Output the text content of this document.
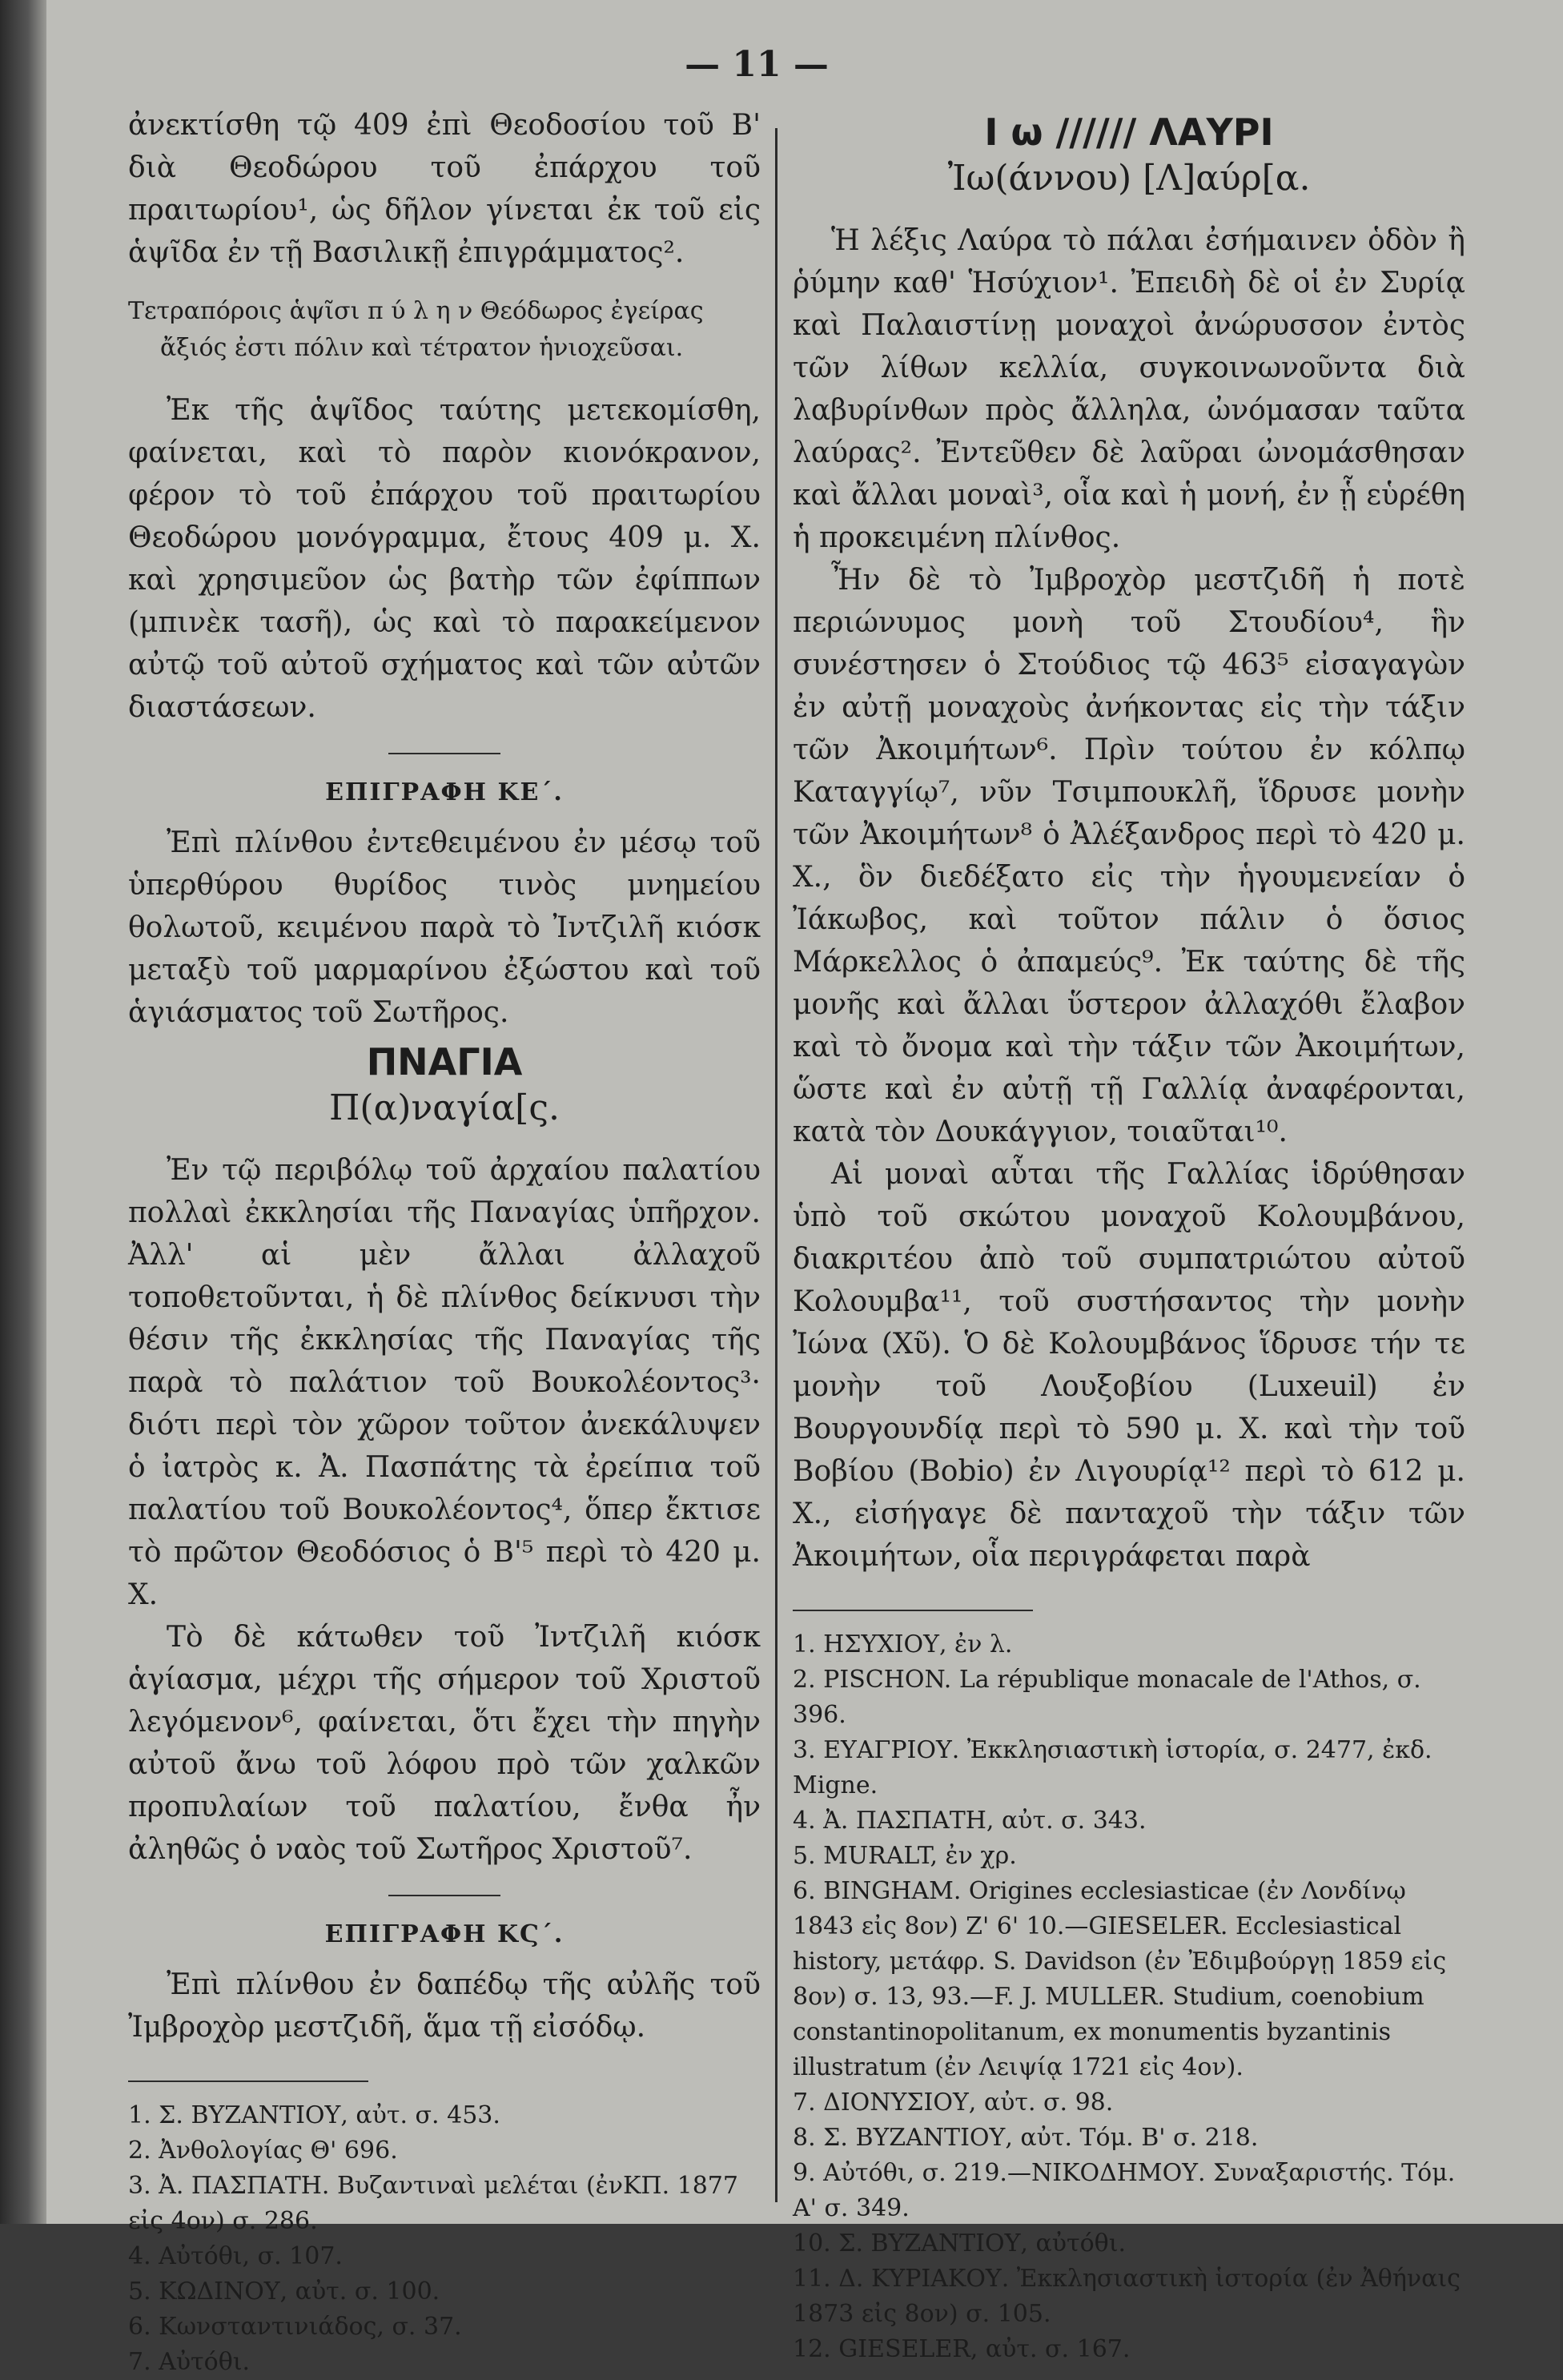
— 11 —

ἀνεκτίσθη τῷ 409 ἐπὶ Θεοδοσίου τοῦ Β' διὰ Θεοδώρου τοῦ ἐπάρχου τοῦ πραιτωρίου¹, ὡς δῆλον γίνεται ἐκ τοῦ εἰς ἁψῖδα ἐν τῇ Βασιλικῇ ἐπιγράμματος².

Τετραπόροις ἁψῖσι π ύ λ η ν Θεόδωρος ἐγείρας
ἄξιός ἐστι πόλιν καὶ τέτρατον ἡνιοχεῦσαι.

Ἐκ τῆς ἁψῖδος ταύτης μετεκομίσθη, φαίνεται, καὶ τὸ παρὸν κιονόκρανον, φέρον τὸ τοῦ ἐπάρχου τοῦ πραιτωρίου Θεοδώρου μονόγραμμα, ἔτους 409 μ. Χ. καὶ χρησιμεῦον ὡς βατὴρ τῶν ἐφίππων (μπινὲκ τασῆ), ὡς καὶ τὸ παρακείμενον αὐτῷ τοῦ αὐτοῦ σχήματος καὶ τῶν αὐτῶν διαστάσεων.

ΕΠΙΓΡΑΦΗ ΚΕ΄.

Ἐπὶ πλίνθου ἐντεθειμένου ἐν μέσῳ τοῦ ὑπερθύρου θυρίδος τινὸς μνημείου θολωτοῦ, κειμένου παρὰ τὸ Ἰντζιλῆ κιόσκ μεταξὺ τοῦ μαρμαρίνου ἐξώστου καὶ τοῦ ἁγιάσματος τοῦ Σωτῆρος.

ΠΝΑΓΙΑ
Π(α)ναγία[ς.

Ἐν τῷ περιβόλῳ τοῦ ἀρχαίου παλατίου πολλαὶ ἐκκλησίαι τῆς Παναγίας ὑπῆρχον. Ἀλλ' αἱ μὲν ἄλλαι ἀλλαχοῦ τοποθετοῦνται, ἡ δὲ πλίνθος δείκνυσι τὴν θέσιν τῆς ἐκκλησίας τῆς Παναγίας τῆς παρὰ τὸ παλάτιον τοῦ Βουκολέοντος³· διότι περὶ τὸν χῶρον τοῦτον ἀνεκάλυψεν ὁ ἰατρὸς κ. Ἀ. Πασπάτης τὰ ἐρείπια τοῦ παλατίου τοῦ Βουκολέοντος⁴, ὅπερ ἔκτισε τὸ πρῶτον Θεοδόσιος ὁ Β'⁵ περὶ τὸ 420 μ. Χ.

Τὸ δὲ κάτωθεν τοῦ Ἰντζιλῆ κιόσκ ἁγίασμα, μέχρι τῆς σήμερον τοῦ Χριστοῦ λεγόμενον⁶, φαίνεται, ὅτι ἔχει τὴν πηγὴν αὐτοῦ ἄνω τοῦ λόφου πρὸ τῶν χαλκῶν προπυλαίων τοῦ παλατίου, ἔνθα ἦν ἀληθῶς ὁ ναὸς τοῦ Σωτῆρος Χριστοῦ⁷.

ΕΠΙΓΡΑΦΗ ΚϚ΄.

Ἐπὶ πλίνθου ἐν δαπέδῳ τῆς αὐλῆς τοῦ Ἰμβροχὸρ μεστζιδῆ, ἅμα τῇ εἰσόδῳ.

1. Σ. ΒΥΖΑΝΤΙΟΥ, αὐτ. σ. 453.
2. Ἀνθολογίας Θ' 696.
3. Ἀ. ΠΑΣΠΑΤΗ. Βυζαντιναὶ μελέται (ἐνΚΠ. 1877 εἰς 4ον) σ. 286.
4. Αὐτόθι, σ. 107.
5. ΚΩΔΙΝΟΥ, αὐτ. σ. 100.
6. Κωνσταντινιάδος, σ. 37.
7. Αὐτόθι.
Ι ω ////// ΛΑΥΡΙ
Ἰω(άννου) [Λ]αύρ[α.

Ἡ λέξις Λαύρα τὸ πάλαι ἐσήμαινεν ὁδὸν ἢ ῥύμην καθ' Ἡσύχιον¹. Ἐπειδὴ δὲ οἱ ἐν Συρίᾳ καὶ Παλαιστίνῃ μοναχοὶ ἀνώρυσσον ἐντὸς τῶν λίθων κελλία, συγκοινωνοῦντα διὰ λαβυρίνθων πρὸς ἄλληλα, ὠνόμασαν ταῦτα λαύρας². Ἐντεῦθεν δὲ λαῦραι ὠνομάσθησαν καὶ ἄλλαι μοναὶ³, οἷα καὶ ἡ μονή, ἐν ᾗ εὑρέθη ἡ προκειμένη πλίνθος.

Ἦν δὲ τὸ Ἰμβροχὸρ μεστζιδῆ ἡ ποτὲ περιώνυμος μονὴ τοῦ Στουδίου⁴, ἣν συνέστησεν ὁ Στούδιος τῷ 463⁵ εἰσαγαγὼν ἐν αὐτῇ μοναχοὺς ἀνήκοντας εἰς τὴν τάξιν τῶν Ἀκοιμήτων⁶. Πρὶν τούτου ἐν κόλπῳ Καταγγίῳ⁷, νῦν Τσιμπουκλῆ, ἵδρυσε μονὴν τῶν Ἀκοιμήτων⁸ ὁ Ἀλέξανδρος περὶ τὸ 420 μ. Χ., ὃν διεδέξατο εἰς τὴν ἡγουμενείαν ὁ Ἰάκωβος, καὶ τοῦτον πάλιν ὁ ὅσιος Μάρκελλος ὁ ἀπαμεύς⁹. Ἐκ ταύτης δὲ τῆς μονῆς καὶ ἄλλαι ὕστερον ἀλλαχόθι ἔλαβον καὶ τὸ ὄνομα καὶ τὴν τάξιν τῶν Ἀκοιμήτων, ὥστε καὶ ἐν αὐτῇ τῇ Γαλλίᾳ ἀναφέρονται, κατὰ τὸν Δουκάγγιον, τοιαῦται¹⁰.

Αἱ μοναὶ αὗται τῆς Γαλλίας ἱδρύθησαν ὑπὸ τοῦ σκώτου μοναχοῦ Κολουμβάνου, διακριτέου ἀπὸ τοῦ συμπατριώτου αὐτοῦ Κολουμβα¹¹, τοῦ συστήσαντος τὴν μονὴν Ἰώνα (Χῦ). Ὁ δὲ Κολουμβάνος ἵδρυσε τήν τε μονὴν τοῦ Λουξοβίου (Luxeuil) ἐν Βουργουνδίᾳ περὶ τὸ 590 μ. Χ. καὶ τὴν τοῦ Βοβίου (Bobio) ἐν Λιγουρίᾳ¹² περὶ τὸ 612 μ. Χ., εἰσήγαγε δὲ πανταχοῦ τὴν τάξιν τῶν Ἀκοιμήτων, οἷα περιγράφεται παρὰ

1. ΗΣΥΧΙΟΥ, ἐν λ.
2. PISCHON. La république monacale de l'Athos, σ. 396.
3. ΕΥΑΓΡΙΟΥ. Ἐκκλησιαστικὴ ἱστορία, σ. 2477, ἐκδ. Migne.
4. Ἀ. ΠΑΣΠΑΤΗ, αὐτ. σ. 343.
5. MURALT, ἐν χρ.
6. BINGHAM. Origines ecclesiasticae (ἐν Λονδίνῳ 1843 εἰς 8ον) Ζ' 6' 10.—GIESELER. Ecclesiastical history, μετάφρ. S. Davidson (ἐν Ἐδιμβούργῃ 1859 εἰς 8ον) σ. 13, 93.—F. J. MULLER. Studium, coenobium constantinopolitanum, ex monumentis byzantinis illustratum (ἐν Λειψίᾳ 1721 εἰς 4ον).
7. ΔΙΟΝΥΣΙΟΥ, αὐτ. σ. 98.
8. Σ. ΒΥΖΑΝΤΙΟΥ, αὐτ. Τόμ. Β' σ. 218.
9. Αὐτόθι, σ. 219.—ΝΙΚΟΔΗΜΟΥ. Συναξαριστής. Τόμ. Α' σ. 349.
10. Σ. ΒΥΖΑΝΤΙΟΥ, αὐτόθι.
11. Δ. ΚΥΡΙΑΚΟΥ. Ἐκκλησιαστικὴ ἱστορία (ἐν Ἀθήναις 1873 εἰς 8ον) σ. 105.
12. GIESELER, αὐτ. σ. 167.
